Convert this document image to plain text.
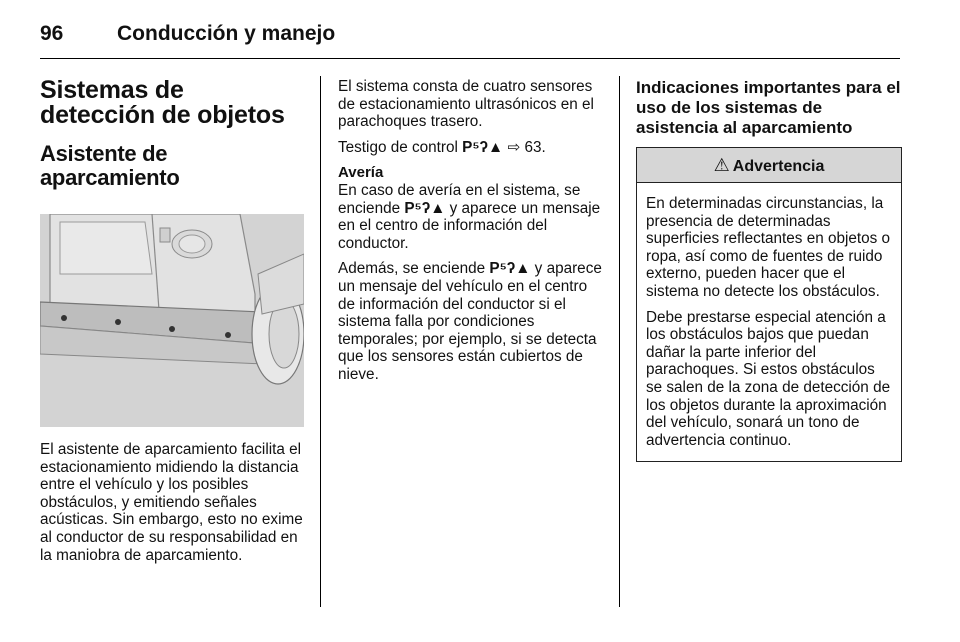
96	Conducción y manejo
Sistemas de detección de objetos
Asistente de aparcamiento

El asistente de aparcamiento facilita el estacionamiento midiendo la distancia entre el vehículo y los posibles obstáculos, y emitiendo señales acústicas. Sin embargo, esto no exime al conductor de su responsabilidad en la maniobra de aparcamiento.

El sistema consta de cuatro sensores de estacionamiento ultrasónicos en el parachoques trasero.

Testigo de control P⁵ʔ▲ ⇨ 63.

Avería

En caso de avería en el sistema, se enciende P⁵ʔ▲ y aparece un mensaje en el centro de información del conductor.

Además, se enciende P⁵ʔ▲ y aparece un mensaje del vehículo en el centro de información del conductor si el sistema falla por condiciones temporales; por ejemplo, si se detecta que los sensores están cubiertos de nieve.

Indicaciones importantes para el uso de los sistemas de asistencia al aparcamiento
⚠ Advertencia

En determinadas circunstancias, la presencia de determinadas superficies reflectantes en objetos o ropa, así como de fuentes de ruido externo, pueden hacer que el sistema no detecte los obstáculos.

Debe prestarse especial atención a los obstáculos bajos que puedan dañar la parte inferior del parachoques. Si estos obstáculos se salen de la zona de detección de los objetos durante la aproximación del vehículo, sonará un tono de advertencia continuo.
